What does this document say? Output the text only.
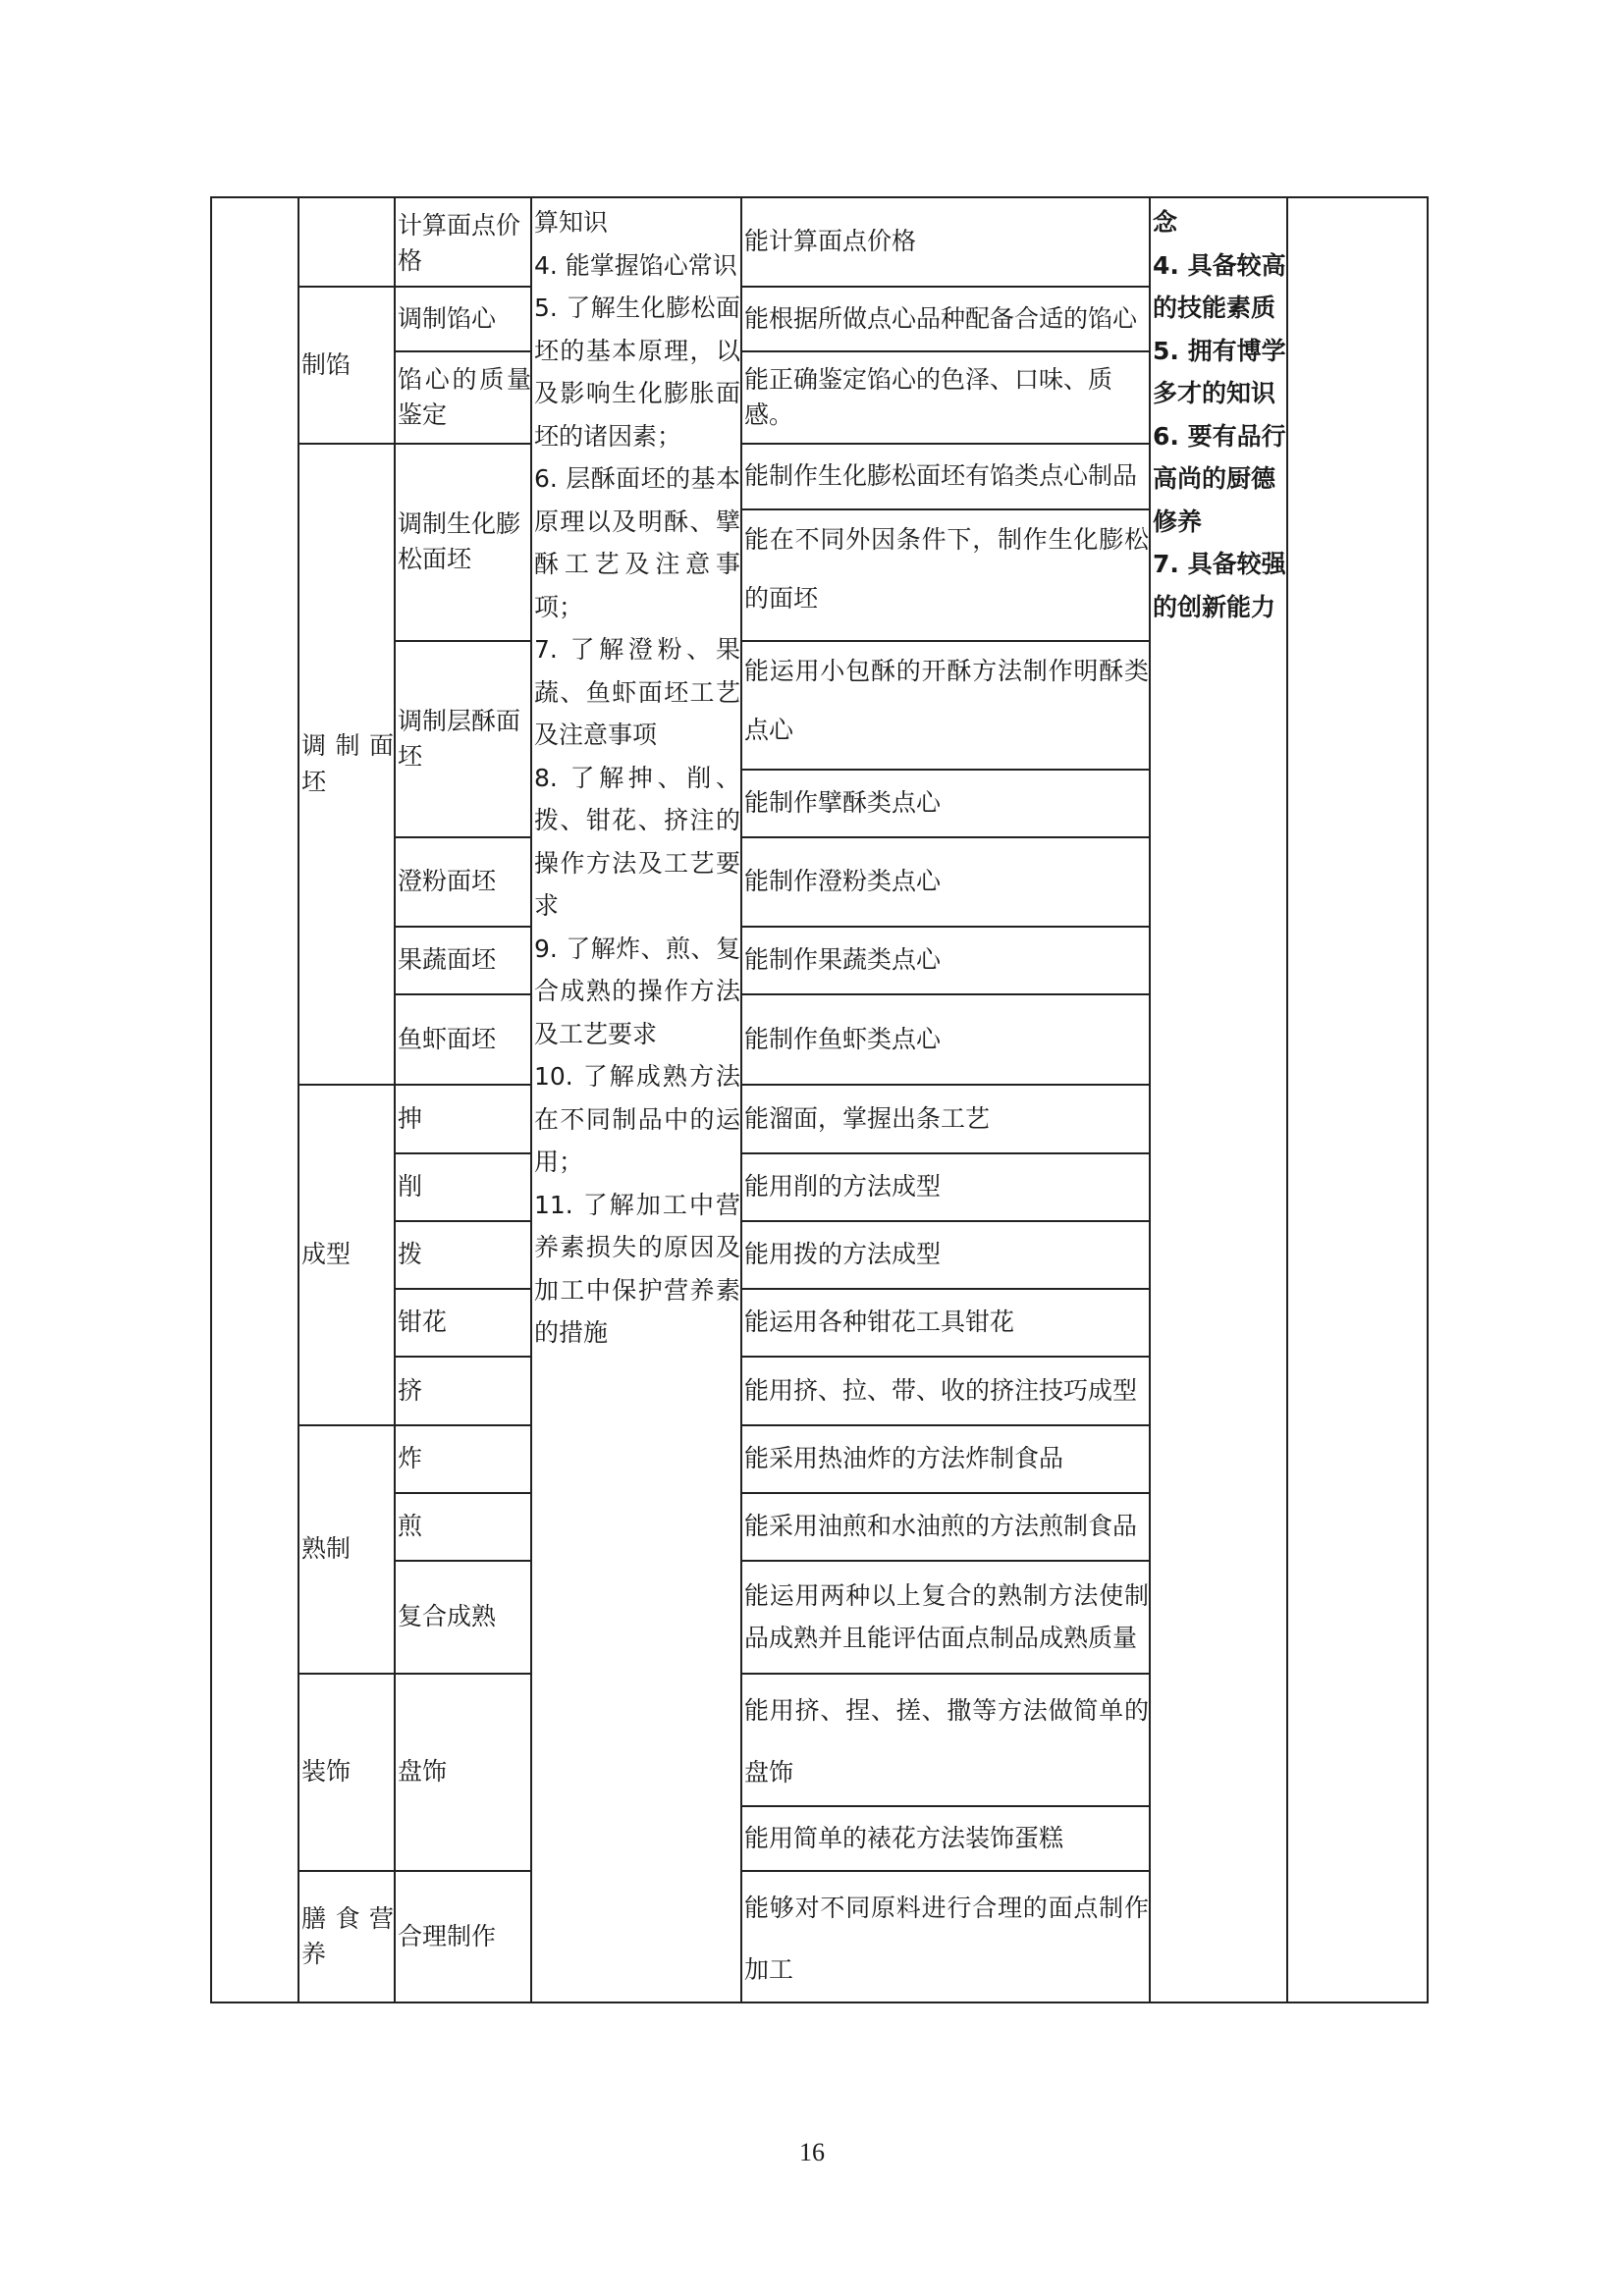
制馅
调制面坯
成型
熟制
装饰
膳食营养
计算面点价格
调制馅心
馅心的质量鉴定
调制生化膨松面坯
调制层酥面坯
澄粉面坯
果蔬面坯
鱼虾面坯
抻
削
拨
钳花
挤
炸
煎
复合成熟
盘饰
合理制作
算知识
4. 能掌握馅心常识
5. 了解生化膨松面坯的基本原理，以及影响生化膨胀面坯的诸因素；
6. 层酥面坯的基本原理以及明酥、擘酥工艺及注意事项；
7. 了解澄粉、果蔬、鱼虾面坯工艺及注意事项
8. 了解抻、削、拨、钳花、挤注的操作方法及工艺要求
9. 了解炸、煎、复合成熟的操作方法及工艺要求
10. 了解成熟方法在不同制品中的运用；
11. 了解加工中营养素损失的原因及加工中保护营养素的措施
能计算面点价格
能根据所做点心品种配备合适的馅心
能正确鉴定馅心的色泽、口味、质感。
能制作生化膨松面坯有馅类点心制品
能在不同外因条件下，制作生化膨松的面坯
能运用小包酥的开酥方法制作明酥类点心
能制作擘酥类点心
能制作澄粉类点心
能制作果蔬类点心
能制作鱼虾类点心
能溜面，掌握出条工艺
能用削的方法成型
能用拨的方法成型
能运用各种钳花工具钳花
能用挤、拉、带、收的挤注技巧成型
能采用热油炸的方法炸制食品
能采用油煎和水油煎的方法煎制食品
能运用两种以上复合的熟制方法使制品成熟并且能评估面点制品成熟质量
能用挤、捏、搓、撒等方法做简单的盘饰
能用简单的裱花方法装饰蛋糕
能够对不同原料进行合理的面点制作加工
念
4. 具备较高的技能素质
5. 拥有博学多才的知识
6. 要有品行高尚的厨德修养
7. 具备较强的创新能力
16
